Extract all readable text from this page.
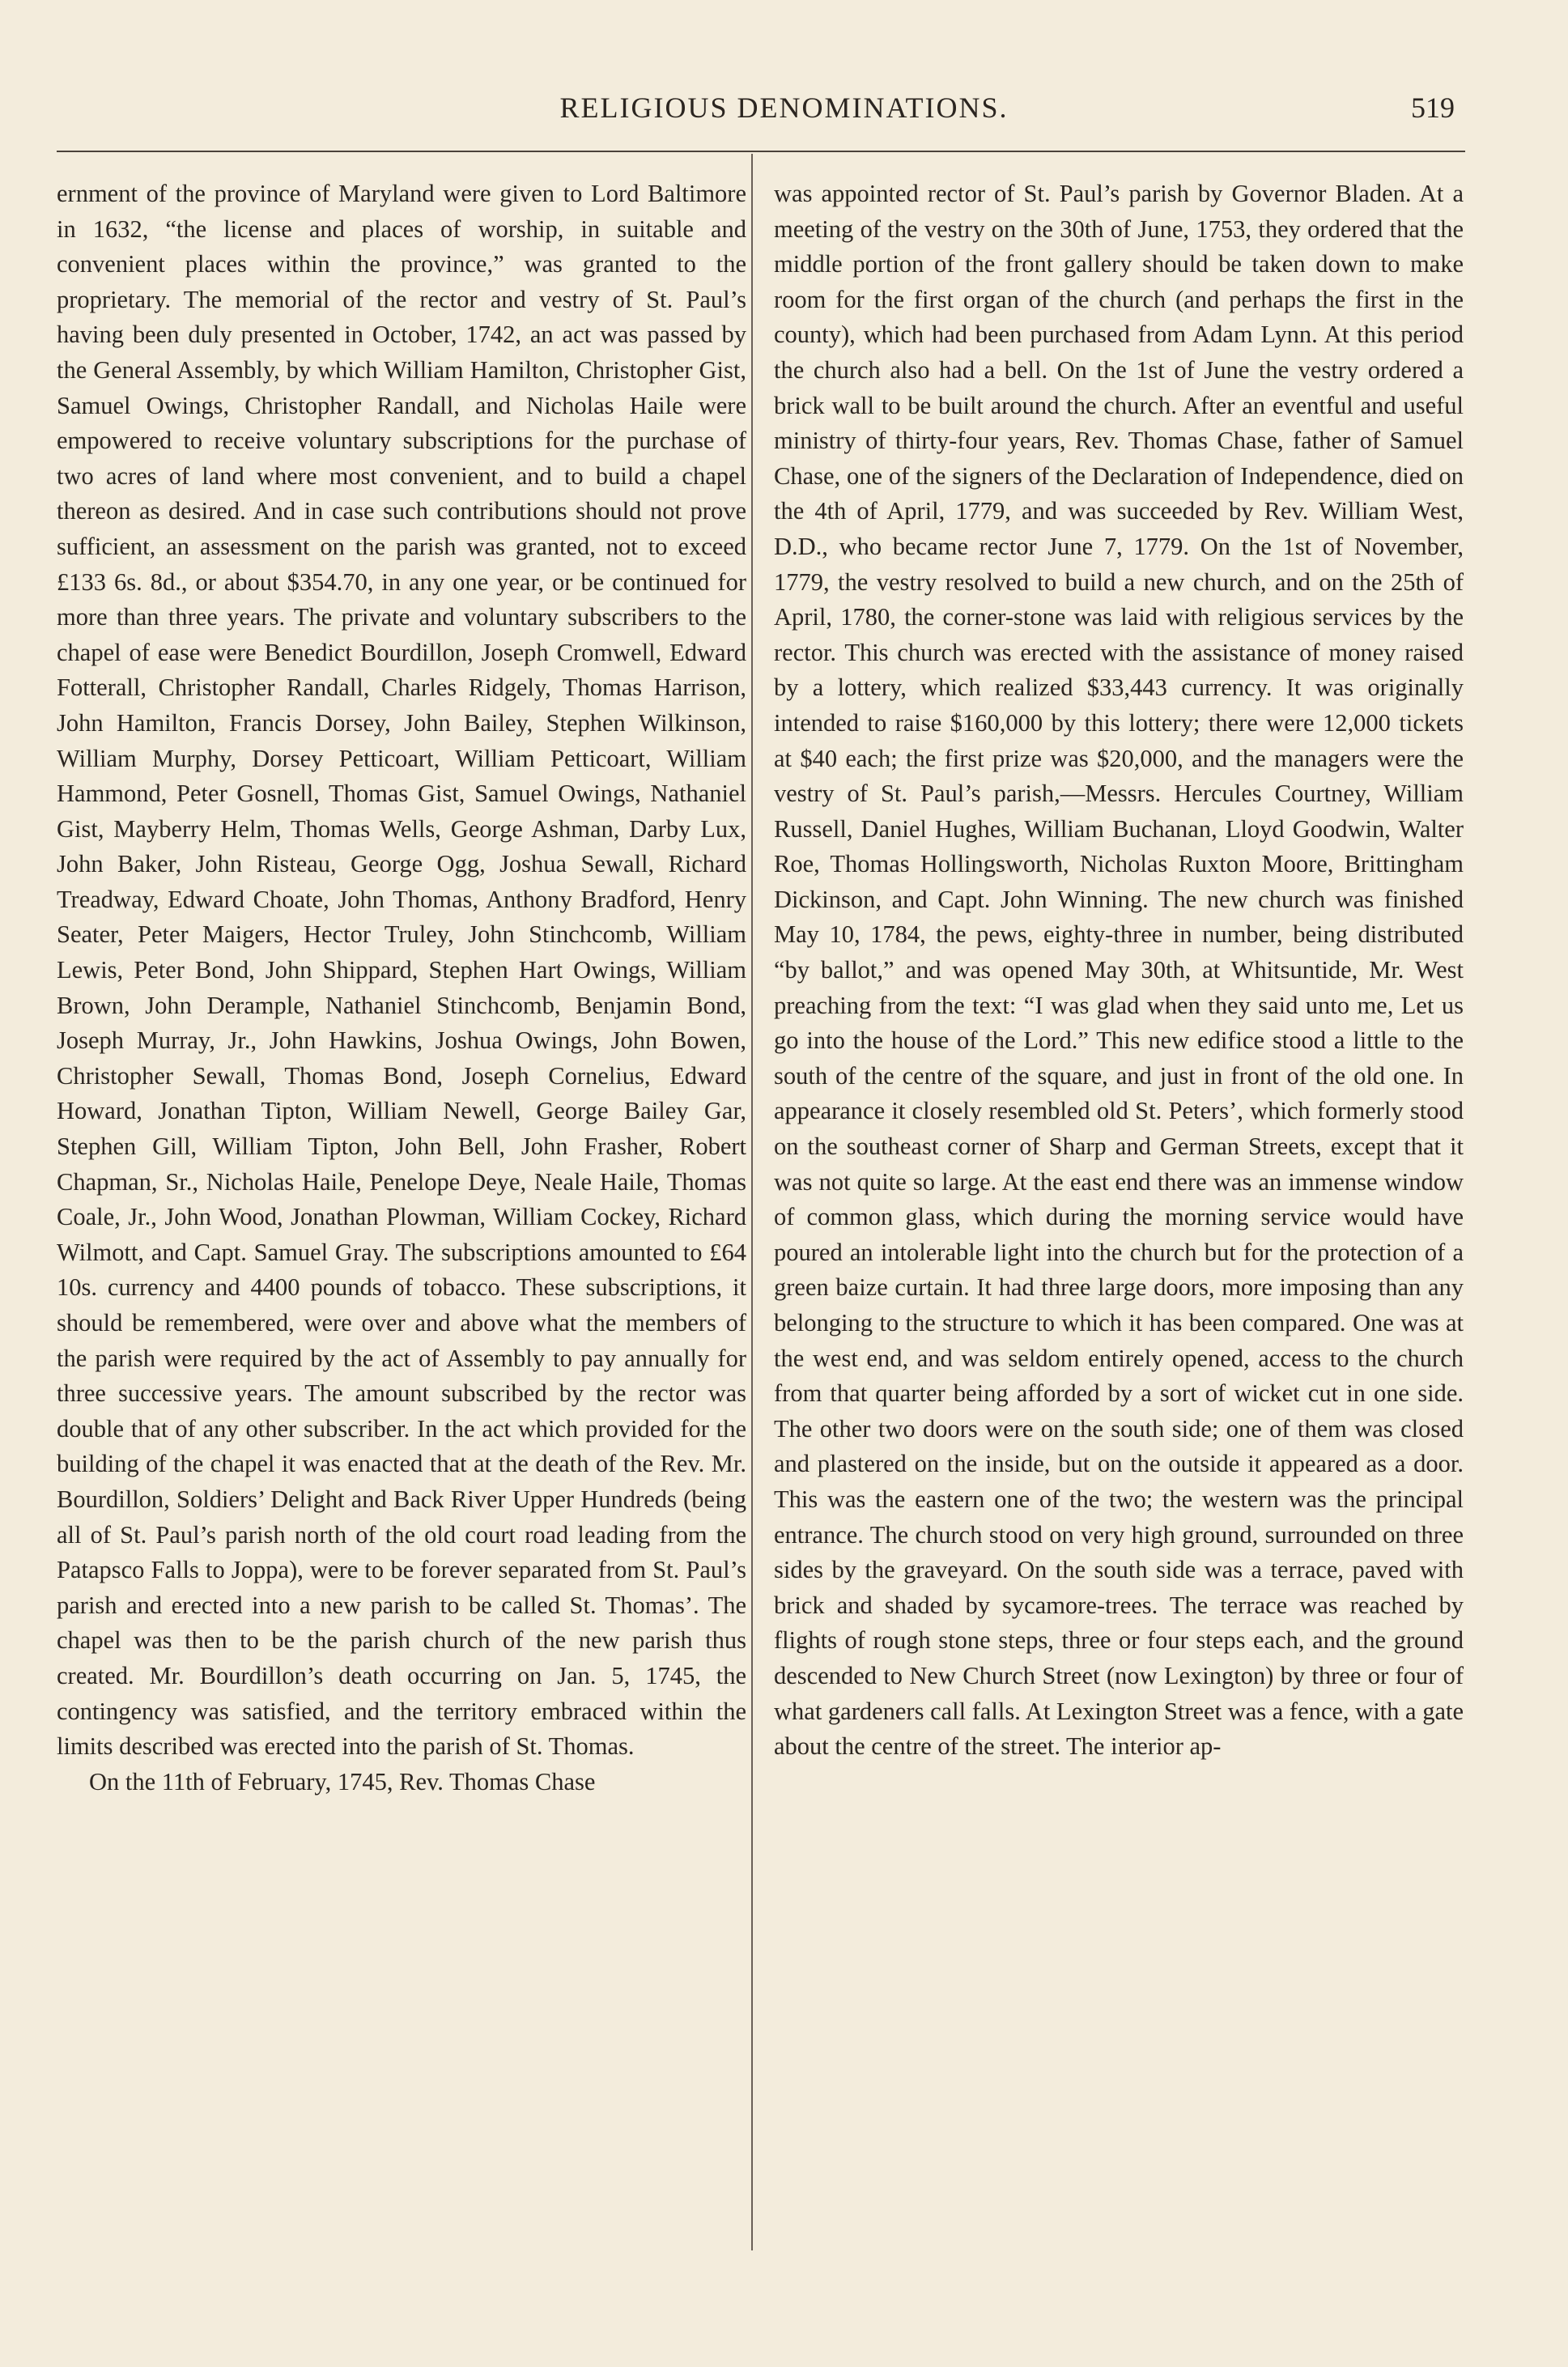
RELIGIOUS DENOMINATIONS.	519

ernment of the province of Maryland were given to Lord Baltimore in 1632, “the license and places of worship, in suitable and convenient places within the province,” was granted to the proprietary. The memorial of the rector and vestry of St. Paul’s having been duly presented in October, 1742, an act was passed by the General Assembly, by which William Hamilton, Christopher Gist, Samuel Owings, Christopher Randall, and Nicholas Haile were empowered to receive voluntary subscriptions for the purchase of two acres of land where most convenient, and to build a chapel thereon as desired. And in case such contributions should not prove sufficient, an assessment on the parish was granted, not to exceed £133 6s. 8d., or about $354.70, in any one year, or be continued for more than three years. The private and voluntary subscribers to the chapel of ease were Benedict Bourdillon, Joseph Cromwell, Edward Fotterall, Christopher Randall, Charles Ridgely, Thomas Harrison, John Hamilton, Francis Dorsey, John Bailey, Stephen Wilkinson, William Murphy, Dorsey Petticoart, William Petticoart, William Hammond, Peter Gosnell, Thomas Gist, Samuel Owings, Nathaniel Gist, Mayberry Helm, Thomas Wells, George Ashman, Darby Lux, John Baker, John Risteau, George Ogg, Joshua Sewall, Richard Treadway, Edward Choate, John Thomas, Anthony Bradford, Henry Seater, Peter Maigers, Hector Truley, John Stinchcomb, William Lewis, Peter Bond, John Shippard, Stephen Hart Owings, William Brown, John Derample, Nathaniel Stinchcomb, Benjamin Bond, Joseph Murray, Jr., John Hawkins, Joshua Owings, John Bowen, Christopher Sewall, Thomas Bond, Joseph Cornelius, Edward Howard, Jonathan Tipton, William Newell, George Bailey Gar, Stephen Gill, William Tipton, John Bell, John Frasher, Robert Chapman, Sr., Nicholas Haile, Penelope Deye, Neale Haile, Thomas Coale, Jr., John Wood, Jonathan Plowman, William Cockey, Richard Wilmott, and Capt. Samuel Gray. The subscriptions amounted to £64 10s. currency and 4400 pounds of tobacco. These subscriptions, it should be remembered, were over and above what the members of the parish were required by the act of Assembly to pay annually for three successive years. The amount subscribed by the rector was double that of any other subscriber. In the act which provided for the building of the chapel it was enacted that at the death of the Rev. Mr. Bourdillon, Soldiers’ Delight and Back River Upper Hundreds (being all of St. Paul’s parish north of the old court road leading from the Patapsco Falls to Joppa), were to be forever separated from St. Paul’s parish and erected into a new parish to be called St. Thomas’. The chapel was then to be the parish church of the new parish thus created. Mr. Bourdillon’s death occurring on Jan. 5, 1745, the contingency was satisfied, and the territory embraced within the limits described was erected into the parish of St. Thomas.

On the 11th of February, 1745, Rev. Thomas Chase

was appointed rector of St. Paul’s parish by Governor Bladen. At a meeting of the vestry on the 30th of June, 1753, they ordered that the middle portion of the front gallery should be taken down to make room for the first organ of the church (and perhaps the first in the county), which had been purchased from Adam Lynn. At this period the church also had a bell. On the 1st of June the vestry ordered a brick wall to be built around the church. After an eventful and useful ministry of thirty-four years, Rev. Thomas Chase, father of Samuel Chase, one of the signers of the Declaration of Independence, died on the 4th of April, 1779, and was succeeded by Rev. William West, D.D., who became rector June 7, 1779. On the 1st of November, 1779, the vestry resolved to build a new church, and on the 25th of April, 1780, the corner-stone was laid with religious services by the rector. This church was erected with the assistance of money raised by a lottery, which realized $33,443 currency. It was originally intended to raise $160,000 by this lottery; there were 12,000 tickets at $40 each; the first prize was $20,000, and the managers were the vestry of St. Paul’s parish,—Messrs. Hercules Courtney, William Russell, Daniel Hughes, William Buchanan, Lloyd Goodwin, Walter Roe, Thomas Hollingsworth, Nicholas Ruxton Moore, Brittingham Dickinson, and Capt. John Winning. The new church was finished May 10, 1784, the pews, eighty-three in number, being distributed “by ballot,” and was opened May 30th, at Whitsuntide, Mr. West preaching from the text: “I was glad when they said unto me, Let us go into the house of the Lord.” This new edifice stood a little to the south of the centre of the square, and just in front of the old one. In appearance it closely resembled old St. Peters’, which formerly stood on the southeast corner of Sharp and German Streets, except that it was not quite so large. At the east end there was an immense window of common glass, which during the morning service would have poured an intolerable light into the church but for the protection of a green baize curtain. It had three large doors, more imposing than any belonging to the structure to which it has been compared. One was at the west end, and was seldom entirely opened, access to the church from that quarter being afforded by a sort of wicket cut in one side. The other two doors were on the south side; one of them was closed and plastered on the inside, but on the outside it appeared as a door. This was the eastern one of the two; the western was the principal entrance. The church stood on very high ground, surrounded on three sides by the graveyard. On the south side was a terrace, paved with brick and shaded by sycamore-trees. The terrace was reached by flights of rough stone steps, three or four steps each, and the ground descended to New Church Street (now Lexington) by three or four of what gardeners call falls. At Lexington Street was a fence, with a gate about the centre of the street. The interior ap-
